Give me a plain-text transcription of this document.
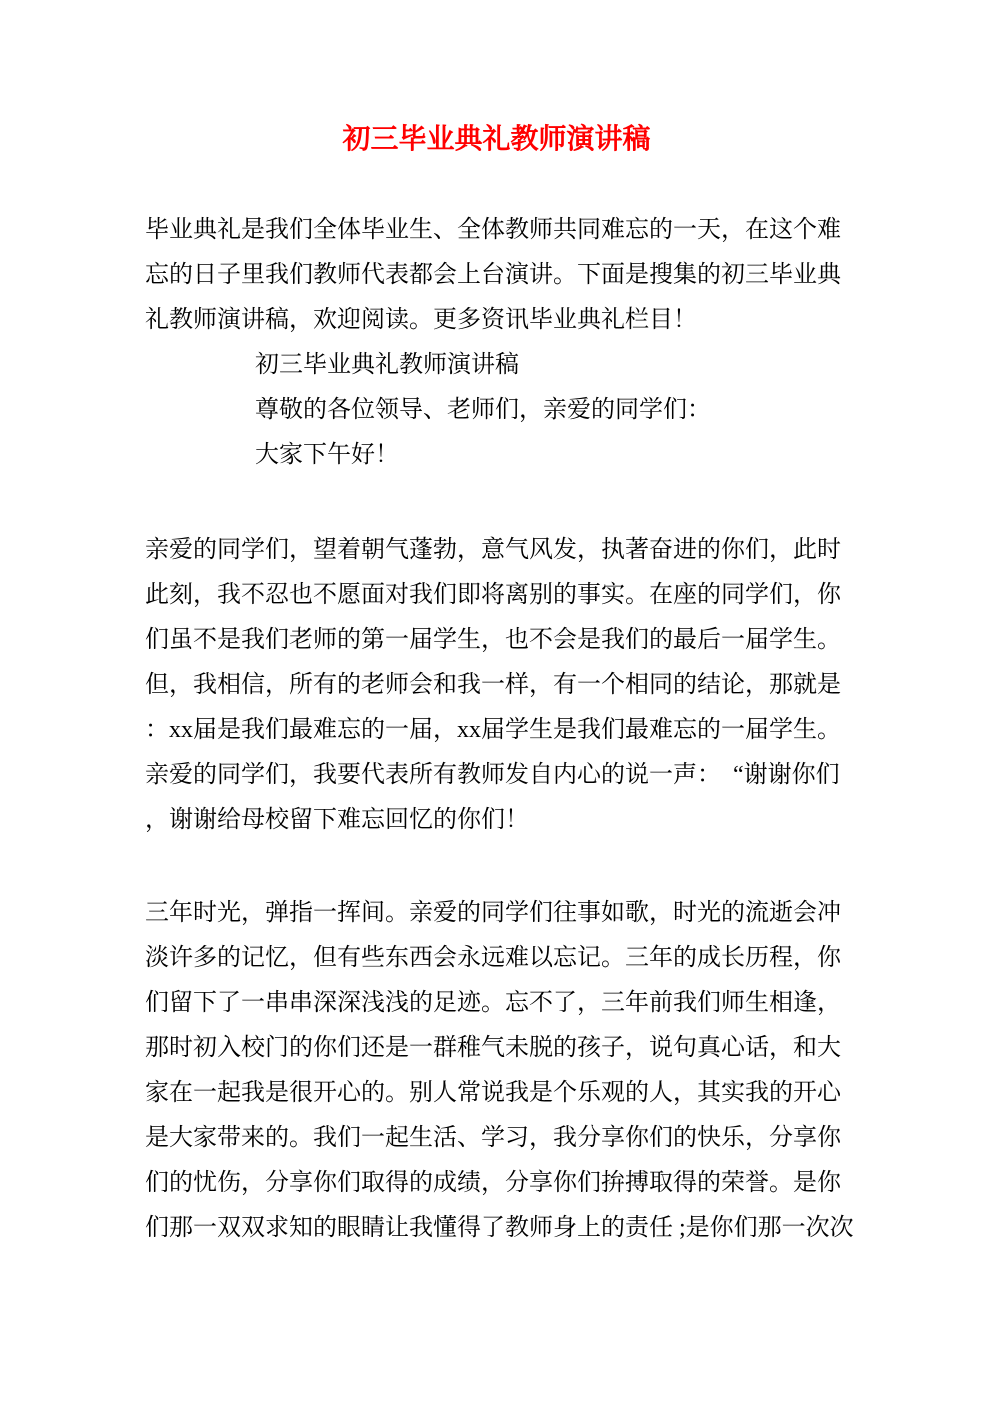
初三毕业典礼教师演讲稿
毕业典礼是我们全体毕业生、全体教师共同难忘的一天，在这个难
忘的日子里我们教师代表都会上台演讲。下面是搜集的初三毕业典
礼教师演讲稿，欢迎阅读。更多资讯毕业典礼栏目！
初三毕业典礼教师演讲稿
尊敬的各位领导、老师们，亲爱的同学们：
大家下午好！
亲爱的同学们，望着朝气蓬勃，意气风发，执著奋进的你们，此时
此刻，我不忍也不愿面对我们即将离别的事实。在座的同学们，你
们虽不是我们老师的第一届学生，也不会是我们的最后一届学生。
但，我相信，所有的老师会和我一样，有一个相同的结论，那就是
：xx届是我们最难忘的一届，xx届学生是我们最难忘的一届学生。
亲爱的同学们，我要代表所有教师发自内心的说一声：　“谢谢你们
，谢谢给母校留下难忘回忆的你们！
三年时光，弹指一挥间。亲爱的同学们往事如歌，时光的流逝会冲
淡许多的记忆，但有些东西会永远难以忘记。三年的成长历程，你
们留下了一串串深深浅浅的足迹。忘不了，三年前我们师生相逢，
那时初入校门的你们还是一群稚气未脱的孩子，说句真心话，和大
家在一起我是很开心的。别人常说我是个乐观的人，其实我的开心
是大家带来的。我们一起生活、学习，我分享你们的快乐，分享你
们的忧伤，分享你们取得的成绩，分享你们拚搏取得的荣誉。是你
们那一双双求知的眼睛让我懂得了教师身上的责任 ;是你们那一次次
